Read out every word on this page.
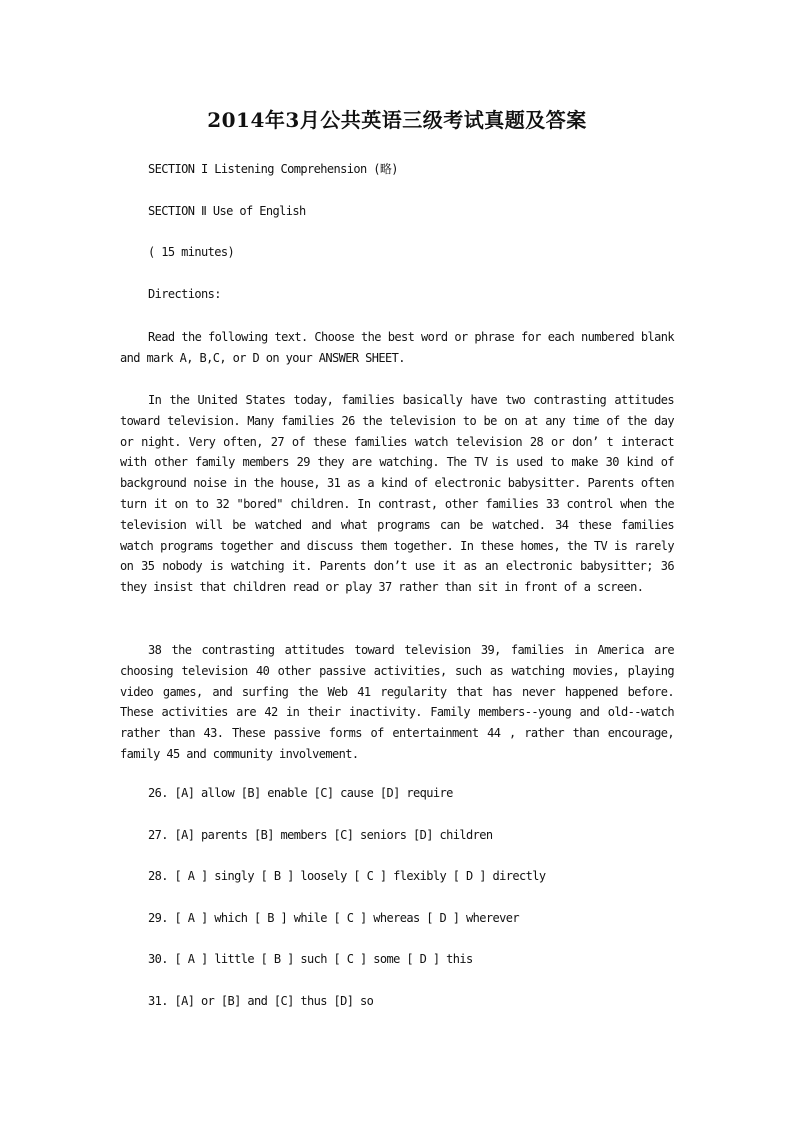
2014年3月公共英语三级考试真题及答案

SECTION I Listening Comprehension (略)

SECTION Ⅱ Use of English

( 15 minutes)

Directions:

Read the following text. Choose the best word or phrase for each numbered blank and mark A, B,C, or D on your ANSWER SHEET.

In the United States today, families basically have two contrasting attitudes toward television. Many families 26 the television to be on at any time of the day or night. Very often, 27 of these families watch television 28 or don’ t interact with other family members 29 they are watching. The TV is used to make 30 kind of background noise in the house, 31 as a kind of electronic babysitter. Parents often turn it on to 32 "bored" children. In contrast, other families 33 control when the television will be watched and what programs can be watched. 34 these families watch programs together and discuss them together. In these homes, the TV is rarely on 35 nobody is watching it. Parents don’t use it as an electronic babysitter; 36 they insist that children read or play 37 rather than sit in front of a screen.

38 the contrasting attitudes toward television 39, families in America are choosing television 40 other passive activities, such as watching movies, playing video games, and surfing the Web 41 regularity that has never happened before. These activities are 42 in their inactivity. Family members--young and old--watch rather than 43. These passive forms of entertainment 44 , rather than encourage, family 45 and community involvement.

26. [A] allow [B] enable [C] cause [D] require

27. [A] parents [B] members [C] seniors [D] children

28. [ A ] singly [ B ] loosely [ C ] flexibly [ D ] directly

29. [ A ] which [ B ] while [ C ] whereas [ D ] wherever

30. [ A ] little [ B ] such [ C ] some [ D ] this

31. [A] or [B] and [C] thus [D] so
